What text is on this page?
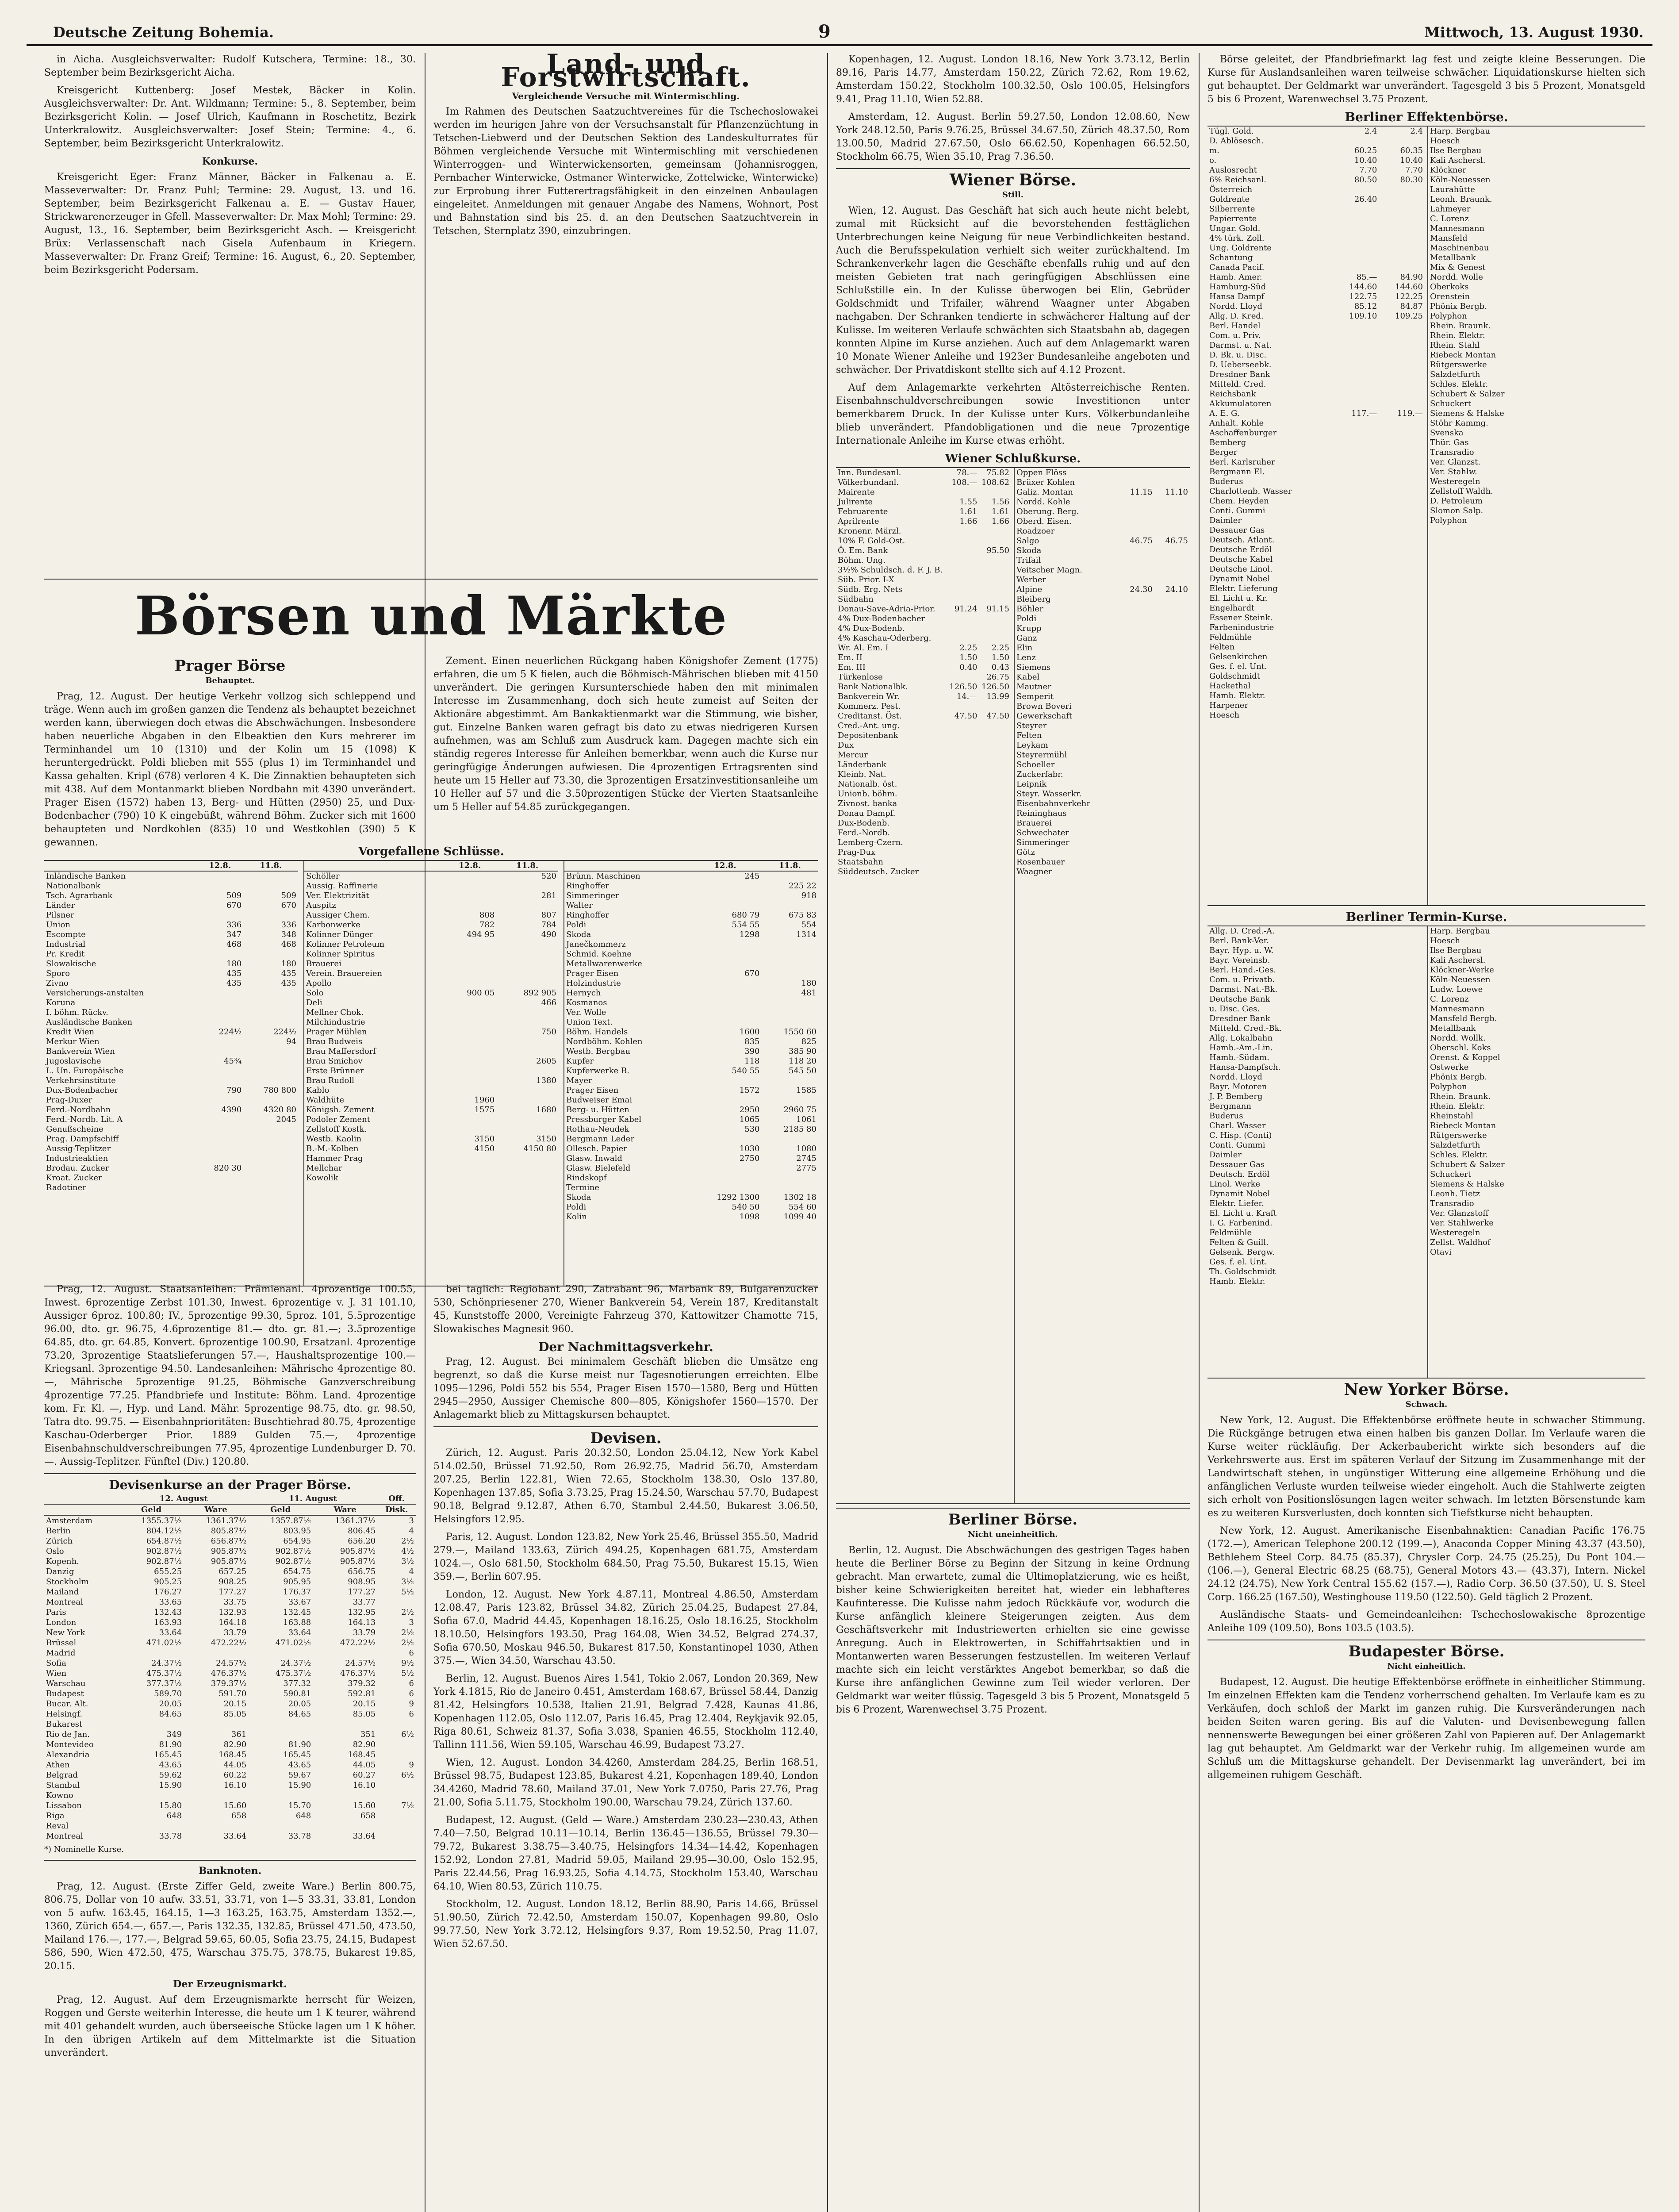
Deutsche Zeitung Bohemia.	9	Mittwoch, 13. August 1930.

in Aicha. Ausgleichsverwalter: Rudolf Kutschera, Termine: 18., 30. September beim Bezirksgericht Aicha.

Kreisgericht Kuttenberg: Josef Mestek, Bäcker in Kolin. Ausgleichsverwalter: Dr. Ant. Wildmann; Termine: 5., 8. September, beim Bezirksgericht Kolin. — Josef Ulrich, Kaufmann in Roschetitz, Bezirk Unterkralowitz. Ausgleichsverwalter: Josef Stein; Termine: 4., 6. September, beim Bezirksgericht Unterkralowitz.

Konkurse.

Kreisgericht Eger: Franz Männer, Bäcker in Falkenau a. E. Masseverwalter: Dr. Franz Puhl; Termine: 29. August, 13. und 16. September, beim Bezirksgericht Falkenau a. E. — Gustav Hauer, Strickwarenerzeuger in Gfell. Masseverwalter: Dr. Max Mohl; Termine: 29. August, 13., 16. September, beim Bezirksgericht Asch. — Kreisgericht Brüx: Verlassenschaft nach Gisela Aufenbaum in Kriegern. Masseverwalter: Dr. Franz Greif; Termine: 16. August, 6., 20. September, beim Bezirksgericht Podersam.

Land- und Forstwirtschaft.
Vergleichende Versuche mit Wintermischling.

Im Rahmen des Deutschen Saatzuchtvereines für die Tschechoslowakei werden im heurigen Jahre von der Versuchsanstalt für Pflanzenzüchtung in Tetschen-Liebwerd und der Deutschen Sektion des Landeskulturrates für Böhmen vergleichende Versuche mit Wintermischling mit verschiedenen Winterroggen- und Winterwickensorten, gemeinsam (Johannisroggen, Pernbacher Winterwicke, Ostmaner Winterwicke, Zottelwicke, Winterwicke) zur Erprobung ihrer Futterertragsfähigkeit in den einzelnen Anbaulagen eingeleitet. Anmeldungen mit genauer Angabe des Namens, Wohnort, Post und Bahnstation sind bis 25. d. an den Deutschen Saatzuchtverein in Tetschen, Sternplatz 390, einzubringen.

Börsen und Märkte
Prager Börse
Behauptet.

Prag, 12. August. Der heutige Verkehr vollzog sich schleppend und träge. Wenn auch im großen ganzen die Tendenz als behauptet bezeichnet werden kann, überwiegen doch etwas die Abschwächungen. Insbesondere haben neuerliche Abgaben in den Elbeaktien den Kurs mehrerer im Terminhandel um 10 (1310) und der Kolin um 15 (1098) K heruntergedrückt. Poldi blieben mit 555 (plus 1) im Terminhandel und Kassa gehalten. Kripl (678) verloren 4 K. Die Zinnaktien behaupteten sich mit 438. Auf dem Montanmarkt blieben Nordbahn mit 4390 unverändert. Prager Eisen (1572) haben 13, Berg- und Hütten (2950) 25, und Dux-Bodenbacher (790) 10 K eingebüßt, während Böhm. Zucker sich mit 1600 behaupteten und Nordkohlen (835) 10 und Westkohlen (390) 5 K gewannen.

Zement. Einen neuerlichen Rückgang haben Königshofer Zement (1775) erfahren, die um 5 K fielen, auch die Böhmisch-Mährischen blieben mit 4150 unverändert. Die geringen Kursunterschiede haben den mit minimalen Interesse im Zusammenhang, doch sich heute zumeist auf Seiten der Aktionäre abgestimmt. Am Bankaktienmarkt war die Stimmung, wie bisher, gut. Einzelne Banken waren gefragt bis dato zu etwas niedrigeren Kursen aufnehmen, was am Schluß zum Ausdruck kam. Dagegen machte sich ein ständig regeres Interesse für Anleihen bemerkbar, wenn auch die Kurse nur geringfügige Änderungen aufwiesen. Die 4prozentigen Ertragsrenten sind heute um 15 Heller auf 73.30, die 3prozentigen Ersatzinvestitionsanleihe um 10 Heller auf 57 und die 3.50prozentigen Stücke der Vierten Staatsanleihe um 5 Heller auf 54.85 zurückgegangen.

Vorgefallene Schlüsse.
	12.8.	11.8.
Inländische Banken		
Nationalbank		
Tsch. Agrarbank	509	509
Länder	670	670
Pilsner		
Union	336	336
Escompte	347	348
Industrial	468	468
Pr. Kredit		
Slowakische	180	180
Sporo	435	435
Zivno	435	435
Versicherungs-anstalten		
Koruna		
I. böhm. Rückv.		
Ausländische Banken		
Kredit Wien	224½	224½
Merkur Wien		94
Bankverein Wien		
Jugoslavische	45¾	
L. Un. Europäische		
Verkehrsinstitute		
Dux-Bodenbacher	790	780 800
Prag-Duxer		
Ferd.-Nordbahn	4390	4320 80
Ferd.-Nordb. Lit. A		2045
Genußscheine		
Prag. Dampfschiff		
Aussig-Teplitzer		
Industrieaktien		
Brodau. Zucker	820 30	
Kroat. Zucker		
Radotiner		
	12.8.	11.8.
Schöller		520
Aussig. Raffinerie		
Ver. Elektrizität		281
Auspitz		
Aussiger Chem.	808	807
Karbonwerke	782	784
Kolinner Dünger	494 95	490
Kolinner Petroleum		
Kolinner Spiritus		
Brauerei		
Verein. Brauereien		
Apollo		
Solo	900 05	892 905
Deli		466
Mellner Chok.		
Milchindustrie		
Prager Mühlen		750
Brau Budweis		
Brau Maffersdorf		
Brau Smichov		2605
Erste Brünner		
Brau Rudoll		1380
Kablo		
Waldhüte	1960	
Königsh. Zement	1575	1680
Podoler Zement		
Zellstoff Kostk.		
Westb. Kaolin	3150	3150
B.-M.-Kolben	4150	4150 80
Hammer Prag		
Mellchar		
Kowolik		
	12.8.	11.8.
Brünn. Maschinen	245	
Ringhoffer		225 22
Simmeringer		918
Walter		
Ringhoffer	680 79	675 83
Poldi	554 55	554
Skoda	1298	1314
Janečkommerz		
Schmid. Koehne		
Metallwarenwerke		
Prager Eisen	670	
Holzindustrie		180
Hernych		481
Kosmanos		
Ver. Wolle		
Union Text.		
Böhm. Handels	1600	1550 60
Nordböhm. Kohlen	835	825
Westb. Bergbau	390	385 90
Kupfer	118	118 20
Kupferwerke B.	540 55	545 50
Mayer		
Prager Eisen	1572	1585
Budweiser Emai		
Berg- u. Hütten	2950	2960 75
Pressburger Kabel	1065	1061
Rothau-Neudek	530	2185 80
Bergmann Leder		
Ollesch. Papier	1030	1080
Glasw. Inwald	2750	2745
Glasw. Bielefeld		2775
Rindskopf		
Termine		
Skoda	1292 1300	1302 18
Poldi	540 50	554 60
Kolin	1098	1099 40

Prag, 12. August. Staatsanleihen: Prämienanl. 4prozentige 100.55, Inwest. 6prozentige Zerbst 101.30, Inwest. 6prozentige v. J. 31 101.10, Aussiger 6proz. 100.80; IV., 5prozentige 99.30, 5proz. 101, 5.5prozentige 96.00, dto. gr. 96.75, 4.6prozentige 81.— dto. gr. 81.—; 3.5prozentige 64.85, dto. gr. 64.85, Konvert. 6prozentige 100.90, Ersatzanl. 4prozentige 73.20, 3prozentige Staatslieferungen 57.—, Haushaltsprozentige 100.— Kriegsanl. 3prozentige 94.50. Landesanleihen: Mährische 4prozentige 80.—, Mährische 5prozentige 91.25, Böhmische Ganzverschreibung 4prozentige 77.25. Pfandbriefe und Institute: Böhm. Land. 4prozentige kom. Fr. Kl. —, Hyp. und Land. Mähr. 5prozentige 98.75, dto. gr. 98.50, Tatra dto. 99.75. — Eisenbahnprioritäten: Buschtiehrad 80.75, 4prozentige Kaschau-Oderberger Prior. 1889 Gulden 75.—, 4prozentige Eisenbahnschuldverschreibungen 77.95, 4prozentige Lundenburger D. 70. —. Aussig-Teplitzer. Fünftel (Div.) 120.80.

Devisenkurse an der Prager Börse.
	12. August		11. August		Off.
	Geld	Ware	Geld	Ware	Disk.
Amsterdam	1355.37½	1361.37½	1357.87½	1361.37½	3
Berlin	804.12½	805.87½	803.95	806.45	4
Zürich	654.87½	656.87½	654.95	656.20	2½
Oslo	902.87½	905.87½	902.87½	905.87½	4½
Kopenh.	902.87½	905.87½	902.87½	905.87½	3½
Danzig	655.25	657.25	654.75	656.75	4
Stockholm	905.25	908.25	905.95	908.95	3½
Mailand	176.27	177.27	176.37	177.27	5½
Montreal	33.65	33.75	33.67	33.77	
Paris	132.43	132.93	132.45	132.95	2½
London	163.93	164.18	163.88	164.13	3
New York	33.64	33.79	33.64	33.79	2½
Brüssel	471.02½	472.22½	471.02½	472.22½	2½
Madrid					6
Sofia	24.37½	24.57½	24.37½	24.57½	9½
Wien	475.37½	476.37½	475.37½	476.37½	5½
Warschau	377.37½	379.37½	377.32	379.32	6
Budapest	589.70	591.70	590.81	592.81	6
Bucar. Alt.	20.05	20.15	20.05	20.15	9
Helsingf.	84.65	85.05	84.65	85.05	6
Bukarest					
Rio de Jan.	349	361		351	6½
Montevideo	81.90	82.90	81.90	82.90	
Alexandria	165.45	168.45	165.45	168.45	
Athen	43.65	44.05	43.65	44.05	9
Belgrad	59.62	60.22	59.67	60.27	6½
Stambul	15.90	16.10	15.90	16.10	
Kowno					
Lissabon	15.80	15.60	15.70	15.60	7½
Riga	648	658	648	658	
Reval					
Montreal	33.78	33.64	33.78	33.64	
*) Nominelle Kurse.
Banknoten.

Prag, 12. August. (Erste Ziffer Geld, zweite Ware.) Berlin 800.75, 806.75, Dollar von 10 aufw. 33.51, 33.71, von 1—5 33.31, 33.81, London von 5 aufw. 163.45, 164.15, 1—3 163.25, 163.75, Amsterdam 1352.—, 1360, Zürich 654.—, 657.—, Paris 132.35, 132.85, Brüssel 471.50, 473.50, Mailand 176.—, 177.—, Belgrad 59.65, 60.05, Sofia 23.75, 24.15, Budapest 586, 590, Wien 472.50, 475, Warschau 375.75, 378.75, Bukarest 19.85, 20.15.

Der Erzeugnismarkt.

Prag, 12. August. Auf dem Erzeugnismarkte herrscht für Weizen, Roggen und Gerste weiterhin Interesse, die heute um 1 K teurer, während mit 401 gehandelt wurden, auch überseeische Stücke lagen um 1 K höher. In den übrigen Artikeln auf dem Mittelmarkte ist die Situation unverändert.

bei taglich: Regiobant 290, Zatrabant 96, Marbank 89, Bulgarenzucker 530, Schönpriesener 270, Wiener Bankverein 54, Verein 187, Kreditanstalt 45, Kunststoffe 2000, Vereinigte Fahrzeug 370, Kattowitzer Chamotte 715, Slowakisches Magnesit 960.

Der Nachmittagsverkehr.

Prag, 12. August. Bei minimalem Geschäft blieben die Umsätze eng begrenzt, so daß die Kurse meist nur Tagesnotierungen erreichten. Elbe 1095—1296, Poldi 552 bis 554, Prager Eisen 1570—1580, Berg und Hütten 2945—2950, Aussiger Chemische 800—805, Königshofer 1560—1570. Der Anlagemarkt blieb zu Mittagskursen behauptet.

Devisen.

Zürich, 12. August. Paris 20.32.50, London 25.04.12, New York Kabel 514.02.50, Brüssel 71.92.50, Rom 26.92.75, Madrid 56.70, Amsterdam 207.25, Berlin 122.81, Wien 72.65, Stockholm 138.30, Oslo 137.80, Kopenhagen 137.85, Sofia 3.73.25, Prag 15.24.50, Warschau 57.70, Budapest 90.18, Belgrad 9.12.87, Athen 6.70, Stambul 2.44.50, Bukarest 3.06.50, Helsingfors 12.95.

Paris, 12. August. London 123.82, New York 25.46, Brüssel 355.50, Madrid 279.—, Mailand 133.63, Zürich 494.25, Kopenhagen 681.75, Amsterdam 1024.—, Oslo 681.50, Stockholm 684.50, Prag 75.50, Bukarest 15.15, Wien 359.—, Berlin 607.95.

London, 12. August. New York 4.87.11, Montreal 4.86.50, Amsterdam 12.08.47, Paris 123.82, Brüssel 34.82, Zürich 25.04.25, Budapest 27.84, Sofia 67.0, Madrid 44.45, Kopenhagen 18.16.25, Oslo 18.16.25, Stockholm 18.10.50, Helsingfors 193.50, Prag 164.08, Wien 34.52, Belgrad 274.37, Sofia 670.50, Moskau 946.50, Bukarest 817.50, Konstantinopel 1030, Athen 375.—, Wien 34.50, Warschau 43.50.

Berlin, 12. August. Buenos Aires 1.541, Tokio 2.067, London 20.369, New York 4.1815, Rio de Janeiro 0.451, Amsterdam 168.67, Brüssel 58.44, Danzig 81.42, Helsingfors 10.538, Italien 21.91, Belgrad 7.428, Kaunas 41.86, Kopenhagen 112.05, Oslo 112.07, Paris 16.45, Prag 12.404, Reykjavik 92.05, Riga 80.61, Schweiz 81.37, Sofia 3.038, Spanien 46.55, Stockholm 112.40, Tallinn 111.56, Wien 59.105, Warschau 46.99, Budapest 73.27.

Wien, 12. August. London 34.4260, Amsterdam 284.25, Berlin 168.51, Brüssel 98.75, Budapest 123.85, Bukarest 4.21, Kopenhagen 189.40, London 34.4260, Madrid 78.60, Mailand 37.01, New York 7.0750, Paris 27.76, Prag 21.00, Sofia 5.11.75, Stockholm 190.00, Warschau 79.24, Zürich 137.60.

Budapest, 12. August. (Geld — Ware.) Amsterdam 230.23—230.43, Athen 7.40—7.50, Belgrad 10.11—10.14, Berlin 136.45—136.55, Brüssel 79.30—79.72, Bukarest 3.38.75—3.40.75, Helsingfors 14.34—14.42, Kopenhagen 152.92, London 27.81, Madrid 59.05, Mailand 29.95—30.00, Oslo 152.95, Paris 22.44.56, Prag 16.93.25, Sofia 4.14.75, Stockholm 153.40, Warschau 64.10, Wien 80.53, Zürich 110.75.

Stockholm, 12. August. London 18.12, Berlin 88.90, Paris 14.66, Brüssel 51.90.50, Zürich 72.42.50, Amsterdam 150.07, Kopenhagen 99.80, Oslo 99.77.50, New York 3.72.12, Helsingfors 9.37, Rom 19.52.50, Prag 11.07, Wien 52.67.50.

Kopenhagen, 12. August. London 18.16, New York 3.73.12, Berlin 89.16, Paris 14.77, Amsterdam 150.22, Zürich 72.62, Rom 19.62, Amsterdam 150.22, Stockholm 100.32.50, Oslo 100.05, Helsingfors 9.41, Prag 11.10, Wien 52.88.

Amsterdam, 12. August. Berlin 59.27.50, London 12.08.60, New York 248.12.50, Paris 9.76.25, Brüssel 34.67.50, Zürich 48.37.50, Rom 13.00.50, Madrid 27.67.50, Oslo 66.62.50, Kopenhagen 66.52.50, Stockholm 66.75, Wien 35.10, Prag 7.36.50.

Wiener Börse.
Still.

Wien, 12. August. Das Geschäft hat sich auch heute nicht belebt, zumal mit Rücksicht auf die bevorstehenden festtäglichen Unterbrechungen keine Neigung für neue Verbindlichkeiten bestand. Auch die Berufsspekulation verhielt sich weiter zurückhaltend. Im Schrankenverkehr lagen die Geschäfte ebenfalls ruhig und auf den meisten Gebieten trat nach geringfügigen Abschlüssen eine Schlußstille ein. In der Kulisse überwogen bei Elin, Gebrüder Goldschmidt und Trifailer, während Waagner unter Abgaben nachgaben. Der Schranken tendierte in schwächerer Haltung auf der Kulisse. Im weiteren Verlaufe schwächten sich Staatsbahn ab, dagegen konnten Alpine im Kurse anziehen. Auch auf dem Anlagemarkt waren 10 Monate Wiener Anleihe und 1923er Bundesanleihe angeboten und schwächer. Der Privatdiskont stellte sich auf 4.12 Prozent.

Auf dem Anlagemarkte verkehrten Altösterreichische Renten. Eisenbahnschuldverschreibungen sowie Investitionen unter bemerkbarem Druck. In der Kulisse unter Kurs. Völkerbundanleihe blieb unverändert. Pfandobligationen und die neue 7prozentige Internationale Anleihe im Kurse etwas erhöht.

Wiener Schlußkurse.
Inn. Bundesanl.	78.—	75.82
Völkerbundanl.	108.—	108.62
Mairente		
Julirente	1.55	1.56
Februarente	1.61	1.61
Aprilrente	1.66	1.66
Kronenr. Märzl.		
10% F. Gold-Ost.		
Ö. Em. Bank		95.50
Böhm. Ung.		
3½% Schuldsch. d. F. J. B.		
Süb. Prior. I-X		
Südb. Erg. Nets		
Südbahn		
Donau-Save-Adria-Prior.	91.24	91.15
4% Dux-Bodenbacher		
4% Dux-Bodenb.		
4% Kaschau-Oderberg.		
Wr. Al. Em. I	2.25	2.25
Em. II	1.50	1.50
Em. III	0.40	0.43
Türkenlose		26.75
Bank Nationalbk.	126.50	126.50
Bankverein Wr.	14.—	13.99
Kommerz. Pest.		
Creditanst. Öst.	47.50	47.50
Cred.-Ant. ung.		
Depositenbank		
Dux		
Mercur		
Länderbank		
Kleinb. Nat.		
Nationalb. öst.		
Unionb. böhm.		
Zivnost. banka		
Donau Dampf.		
Dux-Bodenb.		
Ferd.-Nordb.		
Lemberg-Czern.		
Prag-Dux		
Staatsbahn		
Süddeutsch. Zucker		
Oppen Flöss		
Brüxer Kohlen		
Galiz. Montan	11.15	11.10
Nordd. Kohle		
Oberung. Berg.		
Oberd. Eisen.		
Roadzoer		
Salgo	46.75	46.75
Skoda		
Trifail		
Veitscher Magn.		
Werber		
Alpine	24.30	24.10
Bleiberg		
Böhler		
Poldi		
Krupp		
Ganz		
Elin		
Lenz		
Siemens		
Kabel		
Mautner		
Semperit		
Brown Boveri		
Gewerkschaft		
Steyrer		
Felten		
Leykam		
Steyrermühl		
Schoeller		
Zuckerfabr.		
Leipnik		
Steyr. Wasserkr.		
Eisenbahnverkehr		
Reininghaus		
Brauerei		
Schwechater		
Simmeringer		
Götz		
Rosenbauer		
Waagner		
Berliner Börse.
Nicht uneinheitlich.

Berlin, 12. August. Die Abschwächungen des gestrigen Tages haben heute die Berliner Börse zu Beginn der Sitzung in keine Ordnung gebracht. Man erwartete, zumal die Ultimoplatzierung, wie es heißt, bisher keine Schwierigkeiten bereitet hat, wieder ein lebhafteres Kaufinteresse. Die Kulisse nahm jedoch Rückkäufe vor, wodurch die Kurse anfänglich kleinere Steigerungen zeigten. Aus dem Geschäftsverkehr mit Industriewerten erhielten sie eine gewisse Anregung. Auch in Elektrowerten, in Schiffahrtsaktien und in Montanwerten waren Besserungen festzustellen. Im weiteren Verlauf machte sich ein leicht verstärktes Angebot bemerkbar, so daß die Kurse ihre anfänglichen Gewinne zum Teil wieder verloren. Der Geldmarkt war weiter flüssig. Tagesgeld 3 bis 5 Prozent, Monatsgeld 5 bis 6 Prozent, Warenwechsel 3.75 Prozent.

Börse geleitet, der Pfandbriefmarkt lag fest und zeigte kleine Besserungen. Die Kurse für Auslandsanleihen waren teilweise schwächer. Liquidationskurse hielten sich gut behauptet. Der Geldmarkt war unverändert. Tagesgeld 3 bis 5 Prozent, Monatsgeld 5 bis 6 Prozent, Warenwechsel 3.75 Prozent.

Berliner Effektenbörse.
Tügl. Gold.	2.4	2.4
D. Ablösesch.		
m.	60.25	60.35
o.	10.40	10.40
Auslosrecht	7.70	7.70
6% Reichsanl.	80.50	80.30
Österreich		
Goldrente	26.40	
Silberrente		
Papierrente		
Ungar. Gold.		
4% türk. Zoll.		
Ung. Goldrente		
Schantung		
Canada Pacif.		
Hamb. Amer.	85.—	84.90
Hamburg-Süd	144.60	144.60
Hansa Dampf	122.75	122.25
Nordd. Lloyd	85.12	84.87
Allg. D. Kred.	109.10	109.25
Berl. Handel		
Com. u. Priv.		
Darmst. u. Nat.		
D. Bk. u. Disc.		
D. Ueberseebk.		
Dresdner Bank		
Mitteld. Cred.		
Reichsbank		
Akkumulatoren		
A. E. G.	117.—	119.—
Anhalt. Kohle		
Aschaffenburger		
Bemberg		
Berger		
Berl. Karlsruher		
Bergmann El.		
Buderus		
Charlottenb. Wasser		
Chem. Heyden		
Conti. Gummi		
Daimler		
Dessauer Gas		
Deutsch. Atlant.		
Deutsche Erdöl		
Deutsche Kabel		
Deutsche Linol.		
Dynamit Nobel		
Elektr. Lieferung		
El. Licht u. Kr.		
Engelhardt		
Essener Steink.		
Farbenindustrie		
Feldmühle		
Felten		
Gelsenkirchen		
Ges. f. el. Unt.		
Goldschmidt		
Hackethal		
Hamb. Elektr.		
Harpener		
Hoesch		
Harp. Bergbau		
Hoesch		
Ilse Bergbau		
Kali Aschersl.		
Klöckner		
Köln-Neuessen		
Laurahütte		
Leonh. Braunk.		
Lahmeyer		
C. Lorenz		
Mannesmann		
Mansfeld		
Maschinenbau		
Metallbank		
Mix & Genest		
Nordd. Wolle		
Oberkoks		
Orenstein		
Phönix Bergb.		
Polyphon		
Rhein. Braunk.		
Rhein. Elektr.		
Rhein. Stahl		
Riebeck Montan		
Rütgerswerke		
Salzdetfurth		
Schles. Elektr.		
Schubert & Salzer		
Schuckert		
Siemens & Halske		
Stöhr Kammg.		
Svenska		
Thür. Gas		
Transradio		
Ver. Glanzst.		
Ver. Stahlw.		
Westeregeln		
Zellstoff Waldh.		
D. Petroleum		
Slomon Salp.		
Polyphon		
Berliner Termin-Kurse.
Allg. D. Cred.-A.		
Berl. Bank-Ver.		
Bayr. Hyp. u. W.		
Bayr. Vereinsb.		
Berl. Hand.-Ges.		
Com. u. Privatb.		
Darmst. Nat.-Bk.		
Deutsche Bank		
u. Disc. Ges.		
Dresdner Bank		
Mitteld. Cred.-Bk.		
Allg. Lokalbahn		
Hamb.-Am.-Lin.		
Hamb.-Südam.		
Hansa-Dampfsch.		
Nordd. Lloyd		
Bayr. Motoren		
J. P. Bemberg		
Bergmann		
Buderus		
Charl. Wasser		
C. Hisp. (Conti)		
Conti. Gummi		
Daimler		
Dessauer Gas		
Deutsch. Erdöl		
Linol. Werke		
Dynamit Nobel		
Elektr. Liefer.		
El. Licht u. Kraft		
I. G. Farbenind.		
Feldmühle		
Felten & Guill.		
Gelsenk. Bergw.		
Ges. f. el. Unt.		
Th. Goldschmidt		
Hamb. Elektr.		
Harp. Bergbau		
Hoesch		
Ilse Bergbau		
Kali Aschersl.		
Klöckner-Werke		
Köln-Neuessen		
Ludw. Loewe		
C. Lorenz		
Mannesmann		
Mansfeld Bergb.		
Metallbank		
Nordd. Wollk.		
Oberschl. Koks		
Orenst. & Koppel		
Ostwerke		
Phönix Bergb.		
Polyphon		
Rhein. Braunk.		
Rhein. Elektr.		
Rheinstahl		
Riebeck Montan		
Rütgerswerke		
Salzdetfurth		
Schles. Elektr.		
Schubert & Salzer		
Schuckert		
Siemens & Halske		
Leonh. Tietz		
Transradio		
Ver. Glanzstoff		
Ver. Stahlwerke		
Westeregeln		
Zellst. Waldhof		
Otavi		
New Yorker Börse.
Schwach.

New York, 12. August. Die Effektenbörse eröffnete heute in schwacher Stimmung. Die Rückgänge betrugen etwa einen halben bis ganzen Dollar. Im Verlaufe waren die Kurse weiter rückläufig. Der Ackerbaubericht wirkte sich besonders auf die Verkehrswerte aus. Erst im späteren Verlauf der Sitzung im Zusammenhange mit der Landwirtschaft stehen, in ungünstiger Witterung eine allgemeine Erhöhung und die anfänglichen Verluste wurden teilweise wieder eingeholt. Auch die Stahlwerte zeigten sich erholt von Positionslösungen lagen weiter schwach. Im letzten Börsenstunde kam es zu weiteren Kursverlusten, doch konnten sich Tiefstkurse nicht behaupten.

New York, 12. August. Amerikanische Eisenbahnaktien: Canadian Pacific 176.75 (172.—), American Telephone 200.12 (199.—), Anaconda Copper Mining 43.37 (43.50), Bethlehem Steel Corp. 84.75 (85.37), Chrysler Corp. 24.75 (25.25), Du Pont 104.— (106.—), General Electric 68.25 (68.75), General Motors 43.— (43.37), Intern. Nickel 24.12 (24.75), New York Central 155.62 (157.—), Radio Corp. 36.50 (37.50), U. S. Steel Corp. 166.25 (167.50), Westinghouse 119.50 (122.50). Geld täglich 2 Prozent.

Ausländische Staats- und Gemeindeanleihen: Tschechoslowakische 8prozentige Anleihe 109 (109.50), Bons 103.5 (103.5).

Budapester Börse.
Nicht einheitlich.

Budapest, 12. August. Die heutige Effektenbörse eröffnete in einheitlicher Stimmung. Im einzelnen Effekten kam die Tendenz vorherrschend gehalten. Im Verlaufe kam es zu Verkäufen, doch schloß der Markt im ganzen ruhig. Die Kursveränderungen nach beiden Seiten waren gering. Bis auf die Valuten- und Devisenbewegung fallen nennenswerte Bewegungen bei einer größeren Zahl von Papieren auf. Der Anlagemarkt lag gut behauptet. Am Geldmarkt war der Verkehr ruhig. Im allgemeinen wurde am Schluß um die Mittagskurse gehandelt. Der Devisenmarkt lag unverändert, bei im allgemeinen ruhigem Geschäft.
